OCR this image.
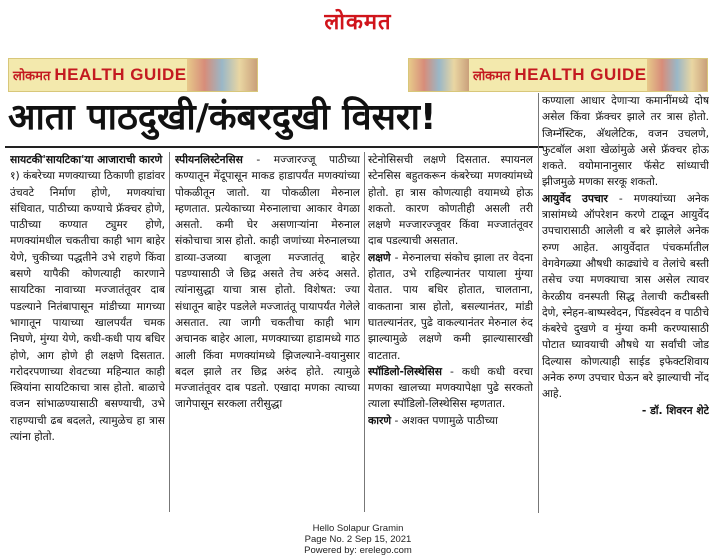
लोकमत
लोकमत HEALTH GUIDE	लोकमत HEALTH GUIDE
आता पाठदुखी/कंबरदुखी विसरा!

सायटकी'सायटिका'या आजाराची कारणे

१) कंबरेच्या मणक्याच्या ठिकाणी हाडांवर उंचवटे निर्माण होणे, मणक्यांचा संधिवात, पाठीच्या कण्याचे फ्रॅक्चर होणे, पाठीच्या कण्यात ट्युमर होणे, मणक्यांमधील चकतीचा काही भाग बाहेर येणे, चुकीच्या पद्धतीने उभे राहणे किंवा बसणे यापैकी कोणत्याही कारणाने सायटिका नावाच्या मज्जातंतूवर दाब पडल्याने नितंबापासून मांडीच्या मागच्या भागातून पायाच्या खालपर्यंत चमक निघणे, मुंग्या येणे, कधी-कधी पाय बधिर होणे, आग होणे ही लक्षणे दिसतात. गरोदरपणाच्या शेवटच्या महिन्यात काही स्त्रियांना सायटिकाचा त्रास होतो. बाळाचे वजन सांभाळण्यासाठी बसण्याची, उभे राहण्याची ढब बदलते, त्यामुळेच हा त्रास त्यांना होतो.

स्पीयनलिस्टेनसिस - मज्जारज्जू पाठीच्या कण्यातून मेंदूपासून माकड हाडापर्यंत मणक्यांच्या पोकळीतून जातो. या पोकळीला मेरुनाल म्हणतात. प्रत्येकाच्या मेरुनालाचा आकार वेगळा असतो. कमी घेर असणाऱ्यांना मेरुनाल संकोचाचा त्रास होतो. काही जणांच्या मेरुनालच्या डाव्या-उजव्या बाजूला मज्जातंतू बाहेर पडण्यासाठी जे छिद्र असते तेच अरुंद असते. त्यांनासुद्धा याचा त्रास होतो. विशेषत: ज्या संधातून बाहेर पडलेले मज्जातंतू पायापर्यंत गेलेले असतात. त्या जागी चकतीचा काही भाग अचानक बाहेर आला, मणक्याच्या हाडामध्ये गाठ आली किंवा मणक्यांमध्ये झिजल्याने-वयानुसार बदल झाले तर छिद्र अरुंद होते. त्यामुळे मज्जातंतूवर दाब पडतो. एखादा मणका त्याच्या जागेपासून सरकला तरीसुद्धा

स्टेनोसिसची लक्षणे दिसतात. स्पायनल स्टेनसिस बहुतकरून कंबरेच्या मणक्यांमध्ये होतो. हा त्रास कोणत्याही वयामध्ये होऊ शकतो. कारण कोणतीही असली तरी लक्षणे मज्जारज्जूवर किंवा मज्जातंतूवर दाब पडल्याची असतात.

लक्षणे - मेरुनालचा संकोच झाला तर वेदना होतात, उभे राहिल्यानंतर पायाला मुंग्या येतात. पाय बधिर होतात, चालताना, वाकताना त्रास होतो, बसल्यानंतर, मांडी घातल्यानंतर, पुढे वाकल्यानंतर मेरुनाल रुंद झाल्यामुळे लक्षणे कमी झाल्यासारखी वाटतात.

स्पॉडिलो-लिस्थेसिस - कधी कधी वरचा मणका खालच्या मणक्यापेक्षा पुढे सरकतो त्याला स्पॉडिलो-लिस्थेसिस म्हणतात.

कारणे - अशक्त पणामुळे पाठीच्या

कण्याला आधार देणाऱ्या कमानींमध्ये दोष असेल किंवा फ्रॅक्चर झाले तर त्रास होतो. जिम्नॅस्टिक, अ‍ॅथलेटिक, वजन उचलणे, फुटबॉल अशा खेळांमुळे असे फ्रॅक्चर होऊ शकते. वयोमानानुसार फॅसेट सांध्याची झीजमुळे मणका सरकू शकतो.

आयुर्वेद उपचार - मणक्यांच्या अनेक त्रासांमध्ये ऑपरेशन करणे टाळून आयुर्वेद उपचारासाठी आलेली व बरे झालेले अनेक रुग्ण आहेत. आयुर्वेदात पंचकर्मातील वेगवेगळ्या औषधी काढ्यांचे व तेलांचे बस्ती तसेच ज्या मणक्याचा त्रास असेल त्यावर केरळीय वनस्पती सिद्ध तेलाची कटीबस्ती देणे, स्नेहन-बाष्पस्वेदन, पिंडस्वेदन व पाठीचे कंबरेचे दुखणे व मुंग्या कमी करण्यासाठी पोटात घ्यावयाची औषधे या सर्वांची जोड दिल्यास कोणत्याही साईड इफेक्टशिवाय अनेक रुग्ण उपचार घेऊन बरे झाल्याची नोंद आहे.

- डॉ. शिवरन शेटे

Hello Solapur Gramin
Page No. 2 Sep 15, 2021
Powered by: erelego.com
